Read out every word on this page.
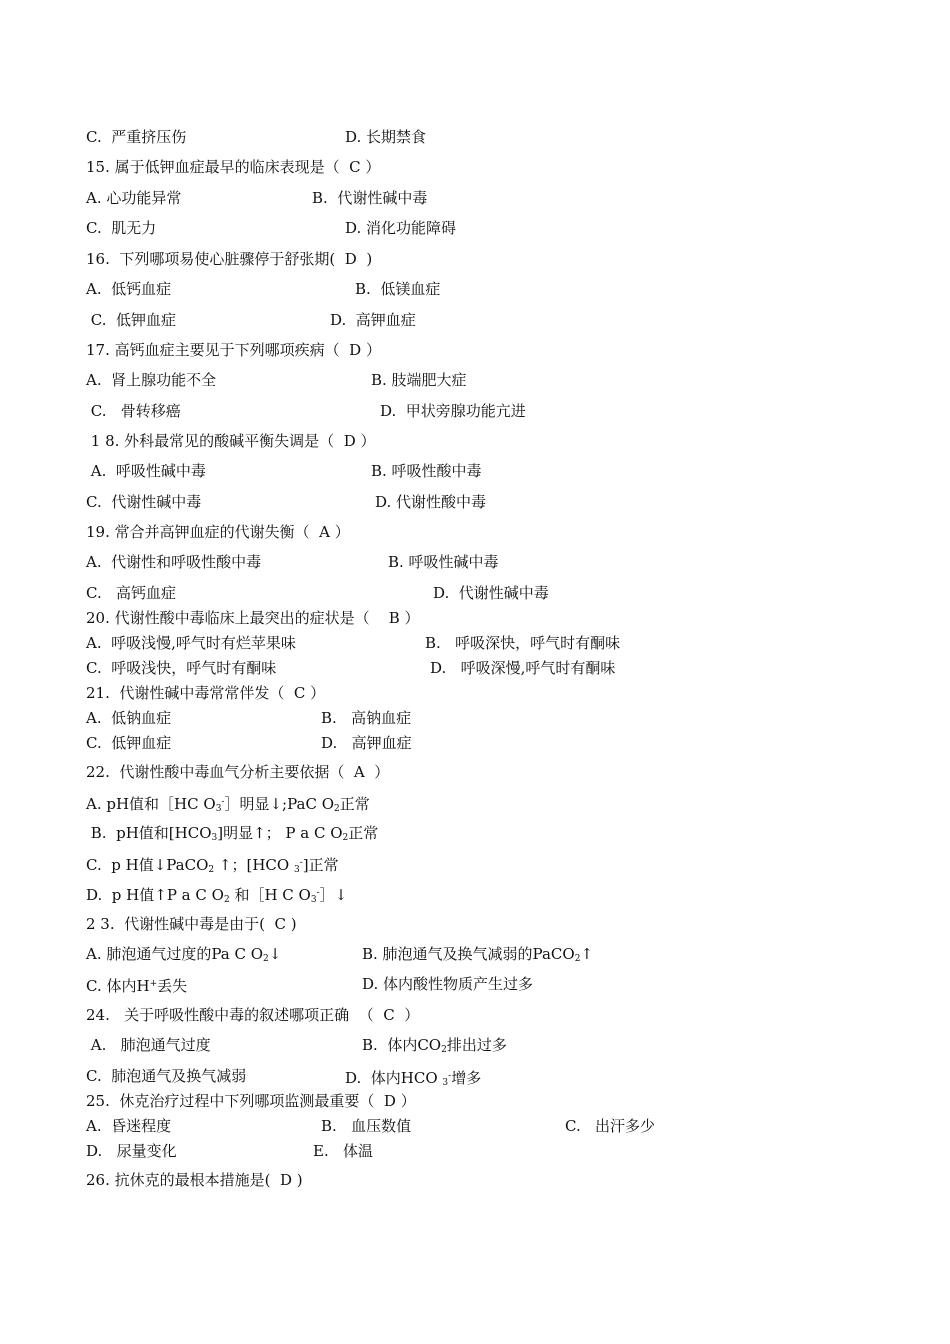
C.  严重挤压伤	D. 长期禁食
15. 属于低钾血症最早的临床表现是（  C ）
A. 心功能异常	B.  代谢性碱中毒
C.  肌无力	D. 消化功能障碍
16.  下列哪项易使心脏骤停于舒张期(  D  )
A.  低钙血症	B.  低镁血症
C.  低钾血症	D.  高钾血症
17. 高钙血症主要见于下列哪项疾病（  D ）
A.  肾上腺功能不全	B. 肢端肥大症
C.   骨转移癌	D.  甲状旁腺功能亢进
1 8. 外科最常见的酸碱平衡失调是（  D ）
A.  呼吸性碱中毒	B. 呼吸性酸中毒
C.  代谢性碱中毒	D. 代谢性酸中毒
19. 常合并高钾血症的代谢失衡（  A ）
A.  代谢性和呼吸性酸中毒	B. 呼吸性碱中毒
C.   高钙血症	D.  代谢性碱中毒
20. 代谢性酸中毒临床上最突出的症状是（    B ）
A.  呼吸浅慢,呼气时有烂苹果味	B.   呼吸深快，呼气时有酮味
C.  呼吸浅快，呼气时有酮味	D.   呼吸深慢,呼气时有酮味
21.  代谢性碱中毒常常伴发（  C ）
A.  低钠血症	B.   高钠血症
C.  低钾血症	D.   高钾血症
22.  代谢性酸中毒血气分析主要依据（  A  ）
A. pH值和［HC $O_3^-]$明显↓;PaC $O_2$正常
B.  pH值和$[HCO_3]$明显↑； P a C $O_2$正常
C.  p H值↓PaCO$_2$ ↑；[HCO $_3$-]正常
D.  p H值↑P a C $O_2$ 和［H C $O_3^-]↓$
2 3.  代谢性碱中毒是由于(  C )
A. 肺泡通气过度的Pa C $O_2↓$	B. 肺泡通气及换气减弱的PaCO$_2$↑
C. 体内H+丢失	D. 体内酸性物质产生过多
24.   关于呼吸性酸中毒的叙述哪项正确  （  C  ）
A.   肺泡通气过度	B.  体内$CO_2$排出过多
C.  肺泡通气及换气减弱	D.  体内HCO $_3$-增多
25.  休克治疗过程中下列哪项监测最重要（  D ）
A.  昏迷程度	B.   血压数值	C.   出汗多少
D.   尿量变化	E.   体温
26. 抗休克的最根本措施是(  D )
